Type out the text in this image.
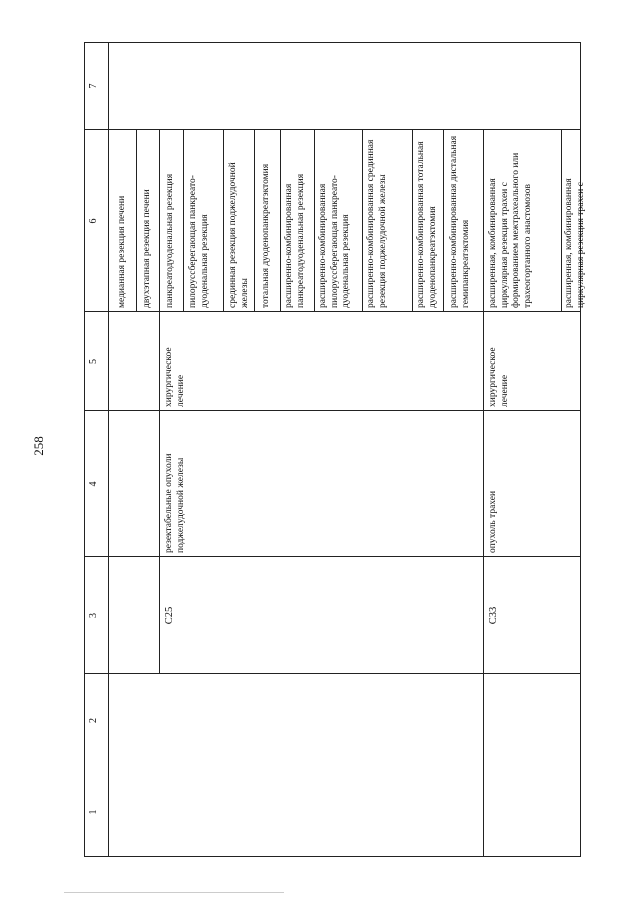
258
1
2
3
4
5
6
7
медианная резекция печени двухэтапная резекция печени
C25
резектабельные опухоли поджелудочной железы
хирургическое лечение
панкреатодуоденальная резекция пилоруссберегающая панкреато-дуоденальная резекция срединная резекция поджелудочной железы тотальная дуоденопанкреатэктомия расширенно-комбинированная панкреатодуоденальная резекция расширенно-комбинированная пилоруссберегающая панкреато-дуоденальная резекция расширенно-комбинированная срединная резекция поджелудочной железы	расширенно-комбинированная тотальная дуоденопанкреатэктомия расширенно-комбинированная дистальная гемипанкреатэктомия
C33
опухоль трахеи
хирургическое лечение
расширенная, комбинированная циркулярная резекция трахеи с формированием межтрахеального или трахеогортанного анастомозов	расширенная, комбинированная циркулярная резекция трахеи с
